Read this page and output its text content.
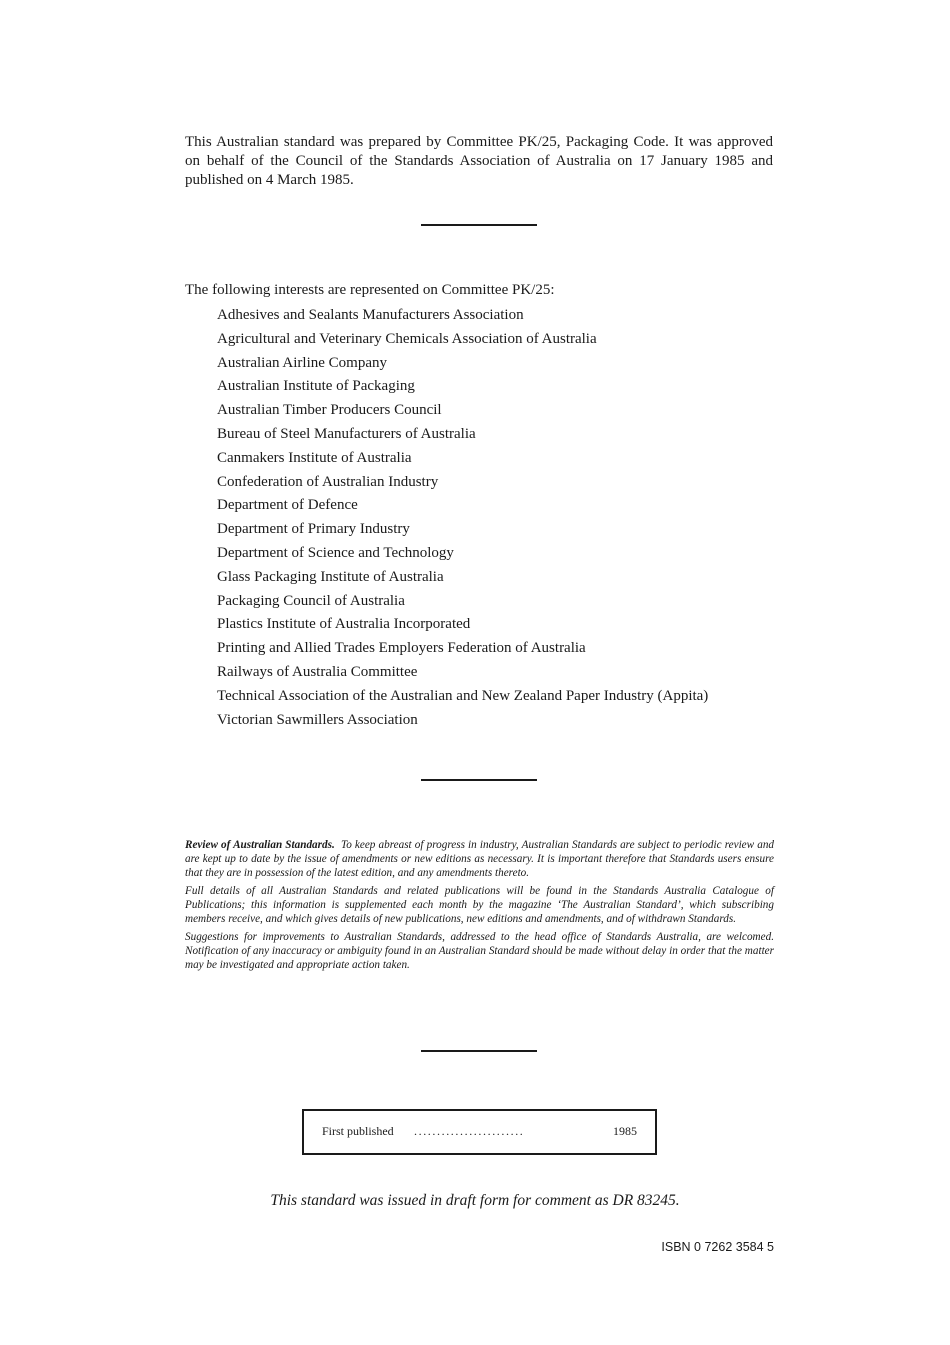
This Australian standard was prepared by Committee PK/25, Packaging Code. It was approved on behalf of the Council of the Standards Association of Australia on 17 January 1985 and published on 4 March 1985.
The following interests are represented on Committee PK/25:
Adhesives and Sealants Manufacturers Association
Agricultural and Veterinary Chemicals Association of Australia
Australian Airline Company
Australian Institute of Packaging
Australian Timber Producers Council
Bureau of Steel Manufacturers of Australia
Canmakers Institute of Australia
Confederation of Australian Industry
Department of Defence
Department of Primary Industry
Department of Science and Technology
Glass Packaging Institute of Australia
Packaging Council of Australia
Plastics Institute of Australia Incorporated
Printing and Allied Trades Employers Federation of Australia
Railways of Australia Committee
Technical Association of the Australian and New Zealand Paper Industry (Appita)
Victorian Sawmillers Association

Review of Australian Standards. To keep abreast of progress in industry, Australian Standards are subject to periodic review and are kept up to date by the issue of amendments or new editions as necessary. It is important therefore that Standards users ensure that they are in possession of the latest edition, and any amendments thereto.

Full details of all Australian Standards and related publications will be found in the Standards Australia Catalogue of Publications; this information is supplemented each month by the magazine ‘The Australian Standard’, which subscribing members receive, and which gives details of new publications, new editions and amendments, and of withdrawn Standards.

Suggestions for improvements to Australian Standards, addressed to the head office of Standards Australia, are welcomed. Notification of any inaccuracy or ambiguity found in an Australian Standard should be made without delay in order that the matter may be investigated and appropriate action taken.

First published ........................	1985
This standard was issued in draft form for comment as DR 83245.
ISBN 0 7262 3584 5
